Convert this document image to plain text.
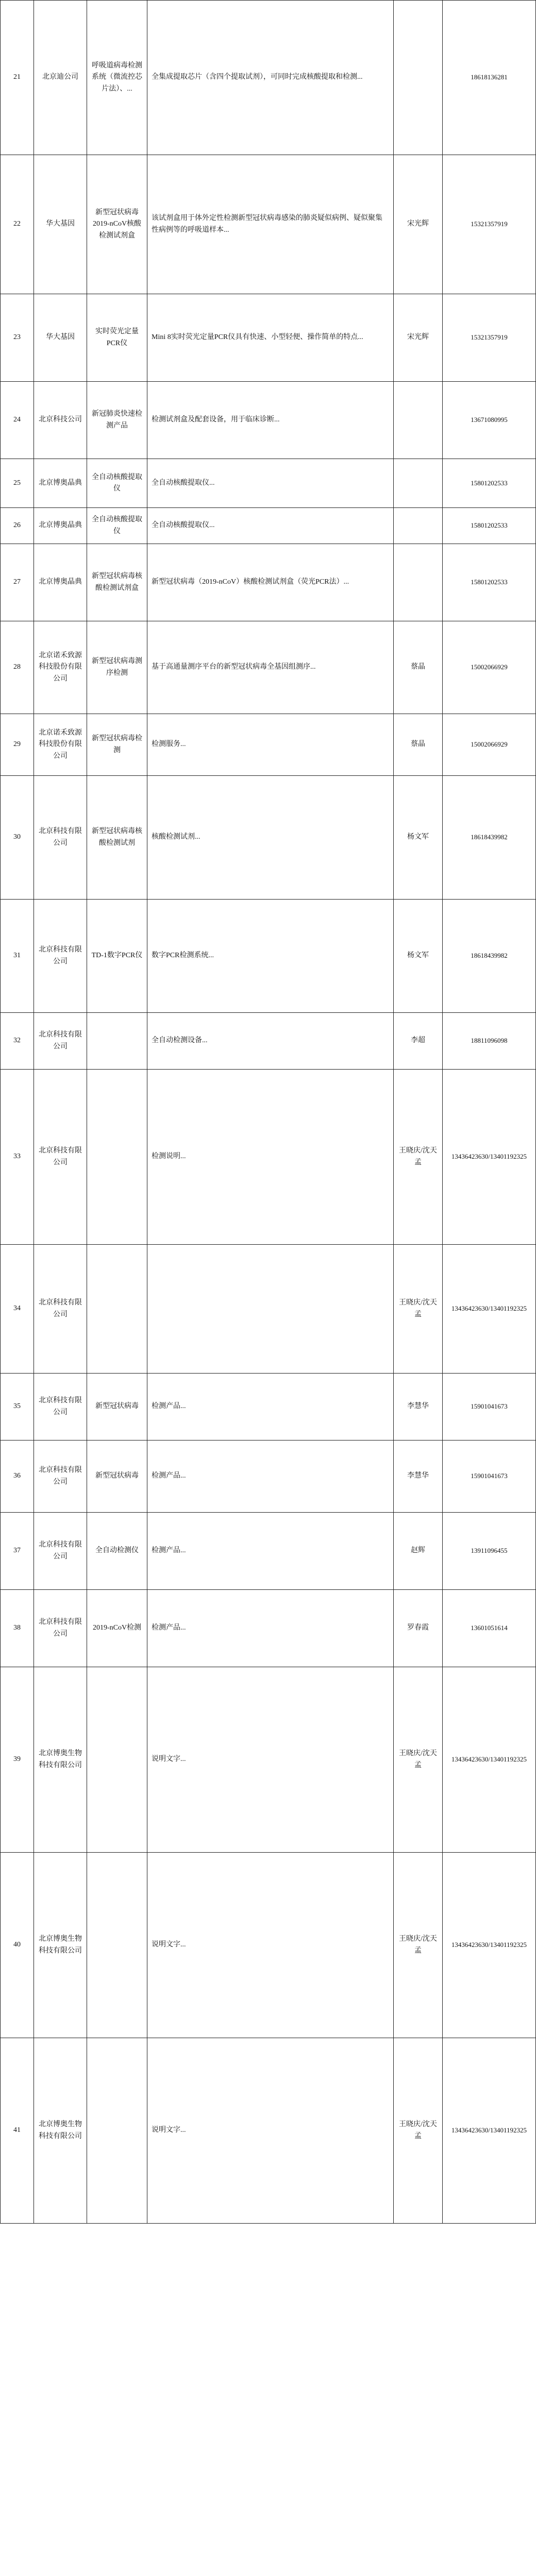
21	北京迪公司	呼吸道病毒检测系统（微流控芯片法）、...	全集成提取芯片（含四个提取试剂），可同时完成核酸提取和检测...		18618136281
22	华大基因	新型冠状病毒2019-nCoV核酸检测试剂盒	该试剂盒用于体外定性检测新型冠状病毒感染的肺炎疑似病例、疑似聚集性病例等的呼吸道样本...	宋光辉	15321357919
23	华大基因	实时荧光定量PCR仪	Mini 8实时荧光定量PCR仪具有快速、小型轻便、操作简单的特点...	宋光辉	15321357919
24	北京科技公司	新冠肺炎快速检测产品	检测试剂盒及配套设备，用于临床诊断...		13671080995
25	北京博奥晶典	全自动核酸提取仪	全自动核酸提取仪...		15801202533
26	北京博奥晶典	全自动核酸提取仪	全自动核酸提取仪...		15801202533
27	北京博奥晶典	新型冠状病毒核酸检测试剂盒	新型冠状病毒（2019-nCoV）核酸检测试剂盒（荧光PCR法）...		15801202533
28	北京诺禾致源科技股份有限公司	新型冠状病毒测序检测	基于高通量测序平台的新型冠状病毒全基因组测序...	蔡晶	15002066929
29	北京诺禾致源科技股份有限公司	新型冠状病毒检测	检测服务...	蔡晶	15002066929
30	北京科技有限公司	新型冠状病毒核酸检测试剂	核酸检测试剂...	杨文军	18618439982
31	北京科技有限公司	TD-1数字PCR仪	数字PCR检测系统...	杨文军	18618439982
32	北京科技有限公司		全自动检测设备...	李超	18811096098
33	北京科技有限公司		检测说明...	王晓庆/沈天孟	13436423630/13401192325
34	北京科技有限公司			王晓庆/沈天孟	13436423630/13401192325
35	北京科技有限公司	新型冠状病毒	检测产品...	李慧华	15901041673
36	北京科技有限公司	新型冠状病毒	检测产品...	李慧华	15901041673
37	北京科技有限公司	全自动检测仪	检测产品...	赵辉	13911096455
38	北京科技有限公司	2019-nCoV检测	检测产品...	罗春霞	13601051614
39	北京博奥生物科技有限公司		说明文字...	王晓庆/沈天孟	13436423630/13401192325
40	北京博奥生物科技有限公司		说明文字...	王晓庆/沈天孟	13436423630/13401192325
41	北京博奥生物科技有限公司		说明文字...	王晓庆/沈天孟	13436423630/13401192325
